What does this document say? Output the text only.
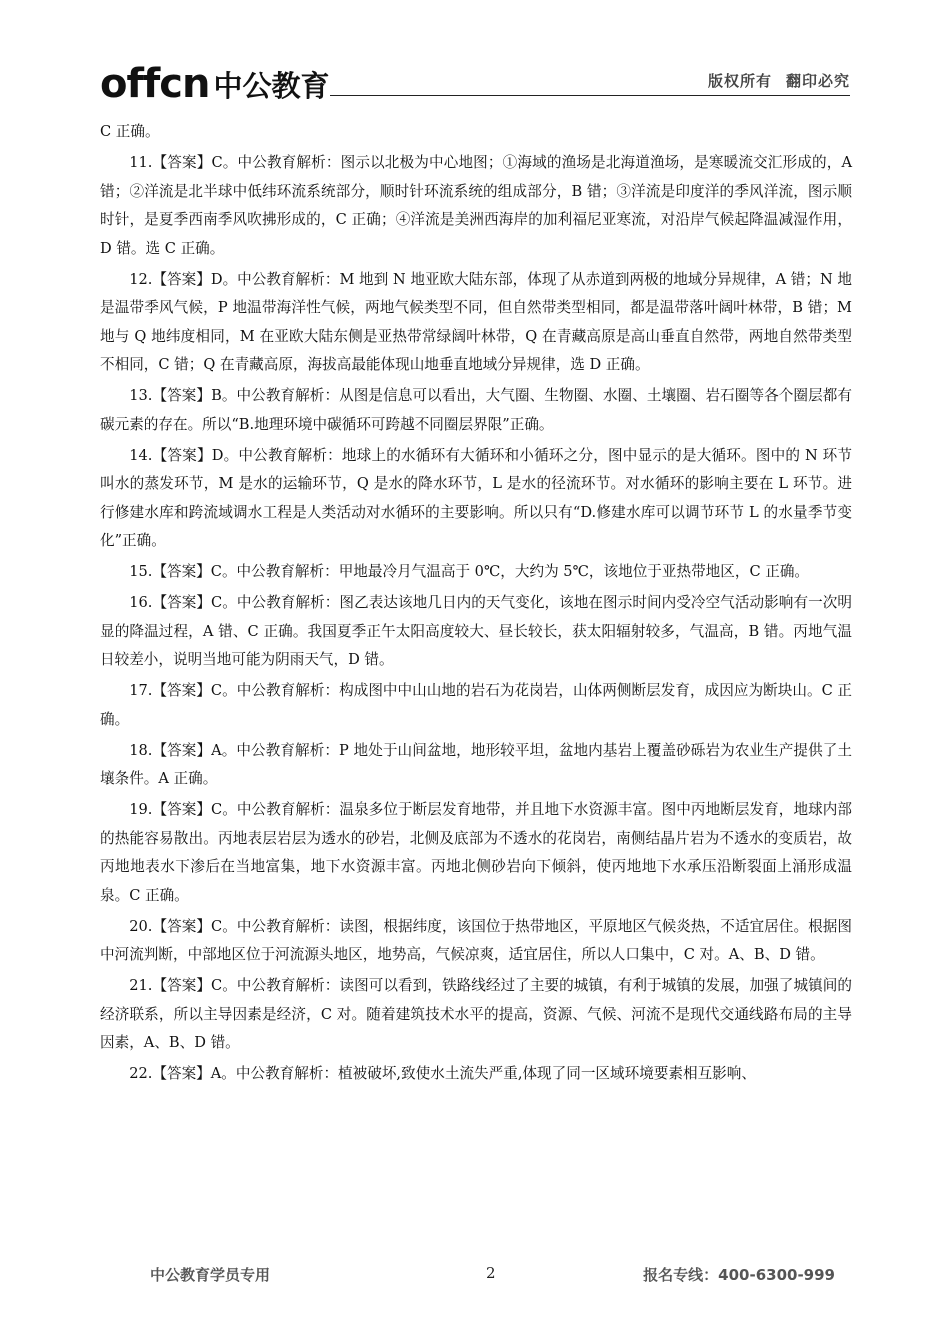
offcn 中公教育	版权所有 翻印必究

C 正确。

11.【答案】C。中公教育解析：图示以北极为中心地图；①海域的渔场是北海道渔场，是寒暖流交汇形成的，A 错；②洋流是北半球中低纬环流系统部分，顺时针环流系统的组成部分，B 错；③洋流是印度洋的季风洋流，图示顺时针，是夏季西南季风吹拂形成的，C 正确；④洋流是美洲西海岸的加利福尼亚寒流，对沿岸气候起降温减湿作用，D 错。选 C 正确。

12.【答案】D。中公教育解析：M 地到 N 地亚欧大陆东部，体现了从赤道到两极的地域分异规律，A 错；N 地是温带季风气候，P 地温带海洋性气候，两地气候类型不同，但自然带类型相同，都是温带落叶阔叶林带，B 错；M 地与 Q 地纬度相同，M 在亚欧大陆东侧是亚热带常绿阔叶林带，Q 在青藏高原是高山垂直自然带，两地自然带类型不相同，C 错；Q 在青藏高原，海拔高最能体现山地垂直地域分异规律，选 D 正确。

13.【答案】B。中公教育解析：从图是信息可以看出，大气圈、生物圈、水圈、土壤圈、岩石圈等各个圈层都有碳元素的存在。所以“B.地理环境中碳循环可跨越不同圈层界限”正确。

14.【答案】D。中公教育解析：地球上的水循环有大循环和小循环之分，图中显示的是大循环。图中的 N 环节叫水的蒸发环节，M 是水的运输环节，Q 是水的降水环节，L 是水的径流环节。对水循环的影响主要在 L 环节。进行修建水库和跨流域调水工程是人类活动对水循环的主要影响。所以只有“D.修建水库可以调节环节 L 的水量季节变化”正确。

15.【答案】C。中公教育解析：甲地最冷月气温高于 0℃，大约为 5℃，该地位于亚热带地区，C 正确。

16.【答案】C。中公教育解析：图乙表达该地几日内的天气变化，该地在图示时间内受冷空气活动影响有一次明显的降温过程，A 错、C 正确。我国夏季正午太阳高度较大、昼长较长，获太阳辐射较多，气温高，B 错。丙地气温日较差小，说明当地可能为阴雨天气，D 错。

17.【答案】C。中公教育解析：构成图中中山山地的岩石为花岗岩，山体两侧断层发育，成因应为断块山。C 正确。

18.【答案】A。中公教育解析：P 地处于山间盆地，地形较平坦，盆地内基岩上覆盖砂砾岩为农业生产提供了土壤条件。A 正确。

19.【答案】C。中公教育解析：温泉多位于断层发育地带，并且地下水资源丰富。图中丙地断层发育，地球内部的热能容易散出。丙地表层岩层为透水的砂岩，北侧及底部为不透水的花岗岩，南侧结晶片岩为不透水的变质岩，故丙地地表水下渗后在当地富集，地下水资源丰富。丙地北侧砂岩向下倾斜，使丙地地下水承压沿断裂面上涌形成温泉。C 正确。

20.【答案】C。中公教育解析：读图，根据纬度，该国位于热带地区，平原地区气候炎热，不适宜居住。根据图中河流判断，中部地区位于河流源头地区，地势高，气候凉爽，适宜居住，所以人口集中，C 对。A、B、D 错。

21.【答案】C。中公教育解析：读图可以看到，铁路线经过了主要的城镇，有利于城镇的发展，加强了城镇间的经济联系，所以主导因素是经济，C 对。随着建筑技术水平的提高，资源、气候、河流不是现代交通线路布局的主导因素，A、B、D 错。

22.【答案】A。中公教育解析：植被破坏,致使水土流失严重,体现了同一区域环境要素相互影响、

中公教育学员专用	2	报名专线：400-6300-999
